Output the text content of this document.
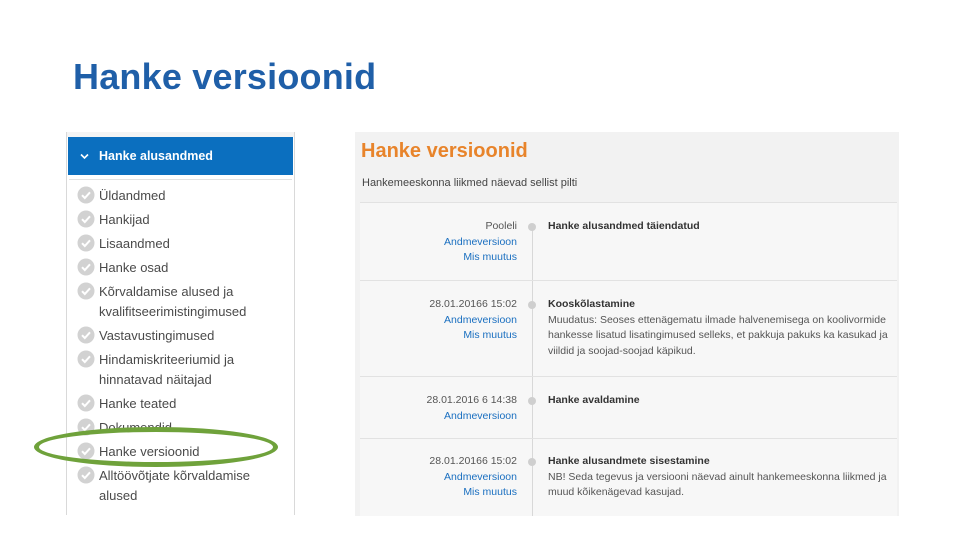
Hanke versioonid
Hanke alusandmed
Üldandmed
Hankijad
Lisaandmed
Hanke osad
Kõrvaldamise alused ja kvalifitseerimistingimused
Vastavustingimused
Hindamiskriteeriumid ja hinnatavad näitajad
Hanke teated
Dokumendid
Hanke versioonid
Alltöövõtjate kõrvaldamise alused
Hanke versioonid
Hankemeeskonna liikmed näevad sellist pilti
Pooleli
Andmeversioon
Mis muutus
Hanke alusandmed täiendatud
28.01.20166 15:02
Andmeversioon
Mis muutus
Kooskõlastamine
Muudatus: Seoses ettenägematu ilmade halvenemisega on koolivormide hankesse lisatud lisatingimused selleks, et pakkuja pakuks ka kasukad ja viildid ja soojad-soojad käpikud.
28.01.2016 6 14:38
Andmeversioon
Hanke avaldamine
28.01.20166 15:02
Andmeversioon
Mis muutus
Hanke alusandmete sisestamine
NB! Seda tegevus ja versiooni näevad ainult hankemeeskonna liikmed ja muud kõikenägevad kasujad.
